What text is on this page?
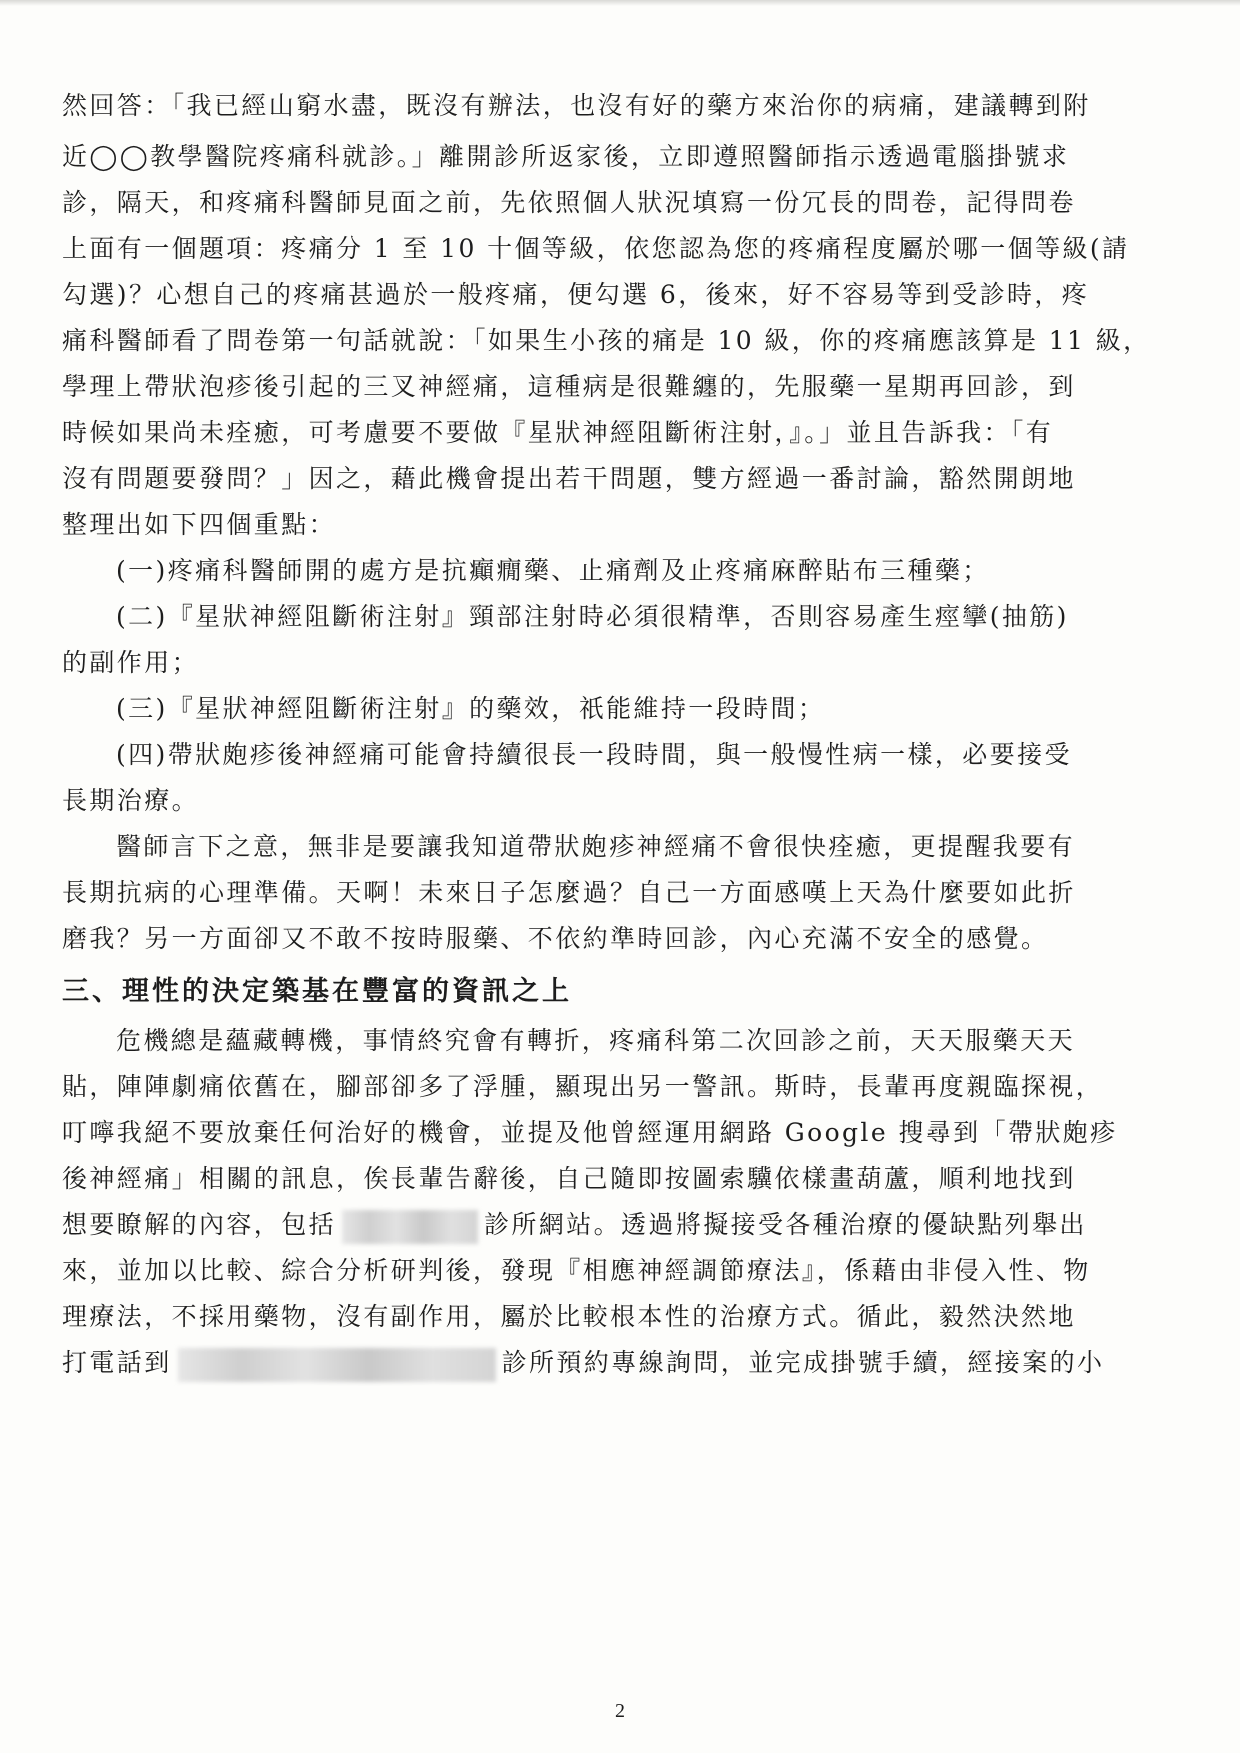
然回答：「我已經山窮水盡，既沒有辦法，也沒有好的藥方來治你的病痛，建議轉到附
近◯◯教學醫院疼痛科就診。」離開診所返家後，立即遵照醫師指示透過電腦掛號求
診，隔天，和疼痛科醫師見面之前，先依照個人狀況填寫一份冗長的問卷，記得問卷
上面有一個題項：疼痛分 1 至 10 十個等級，依您認為您的疼痛程度屬於哪一個等級(請
勾選)？心想自己的疼痛甚過於一般疼痛，便勾選 6，後來，好不容易等到受診時，疼
痛科醫師看了問卷第一句話就說：「如果生小孩的痛是 10 級，你的疼痛應該算是 11 級，
學理上帶狀泡疹後引起的三叉神經痛，這種病是很難纏的，先服藥一星期再回診，到
時候如果尚未痊癒，可考慮要不要做『星狀神經阻斷術注射，』。」並且告訴我：「有
沒有問題要發問？」因之，藉此機會提出若干問題，雙方經過一番討論，豁然開朗地
整理出如下四個重點：
(一)疼痛科醫師開的處方是抗癲癇藥、止痛劑及止疼痛麻醉貼布三種藥；
(二)『星狀神經阻斷術注射』頸部注射時必須很精準，否則容易產生痙攣(抽筋)
的副作用；
(三)『星狀神經阻斷術注射』的藥效，祇能維持一段時間；
(四)帶狀皰疹後神經痛可能會持續很長一段時間，與一般慢性病一樣，必要接受
長期治療。
醫師言下之意，無非是要讓我知道帶狀皰疹神經痛不會很快痊癒，更提醒我要有
長期抗病的心理準備。天啊！未來日子怎麼過？自己一方面感嘆上天為什麼要如此折
磨我？另一方面卻又不敢不按時服藥、不依約準時回診，內心充滿不安全的感覺。
三、理性的決定築基在豐富的資訊之上
危機總是蘊藏轉機，事情終究會有轉折，疼痛科第二次回診之前，天天服藥天天
貼，陣陣劇痛依舊在，腳部卻多了浮腫，顯現出另一警訊。斯時，長輩再度親臨探視，
叮嚀我絕不要放棄任何治好的機會，並提及他曾經運用網路 Google 搜尋到「帶狀皰疹
後神經痛」相關的訊息，俟長輩告辭後，自己隨即按圖索驥依樣畫葫蘆，順利地找到
想要瞭解的內容，包括	診所網站。透過將擬接受各種治療的優缺點列舉出
來，並加以比較、綜合分析研判後，發現『相應神經調節療法』，係藉由非侵入性、物
理療法，不採用藥物，沒有副作用，屬於比較根本性的治療方式。循此，毅然決然地
打電話到	診所預約專線詢問，並完成掛號手續，經接案的小
2
